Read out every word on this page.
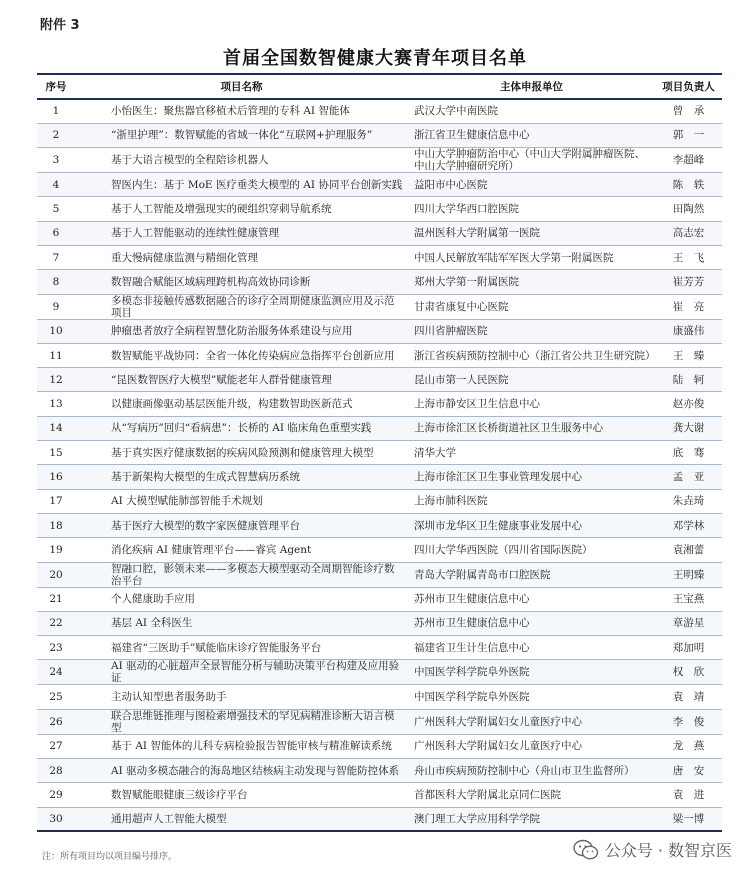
附件 3
首届全国数智健康大赛青年项目名单
序号	项目名称	主体申报单位	项目负责人
1	小怡医生：聚焦器官移植术后管理的专科 AI 智能体	武汉大学中南医院	曾　承
2	“浙里护理”：数智赋能的省域一体化“互联网+护理服务”	浙江省卫生健康信息中心	郭　一
3	基于大语言模型的全程陪诊机器人	中山大学肿瘤防治中心（中山大学附属肿瘤医院、中山大学肿瘤研究所）	李超峰
4	智医内生：基于 MoE 医疗垂类大模型的 AI 协同平台创新实践	益阳市中心医院	陈　轶
5	基于人工智能及增强现实的硬组织穿刺导航系统	四川大学华西口腔医院	田陶然
6	基于人工智能驱动的连续性健康管理	温州医科大学附属第一医院	高志宏
7	重大慢病健康监测与精细化管理	中国人民解放军陆军军医大学第一附属医院	王　飞
8	数智融合赋能区域病理跨机构高效协同诊断	郑州大学第一附属医院	崔芳芳
9	多模态非接触传感数据融合的诊疗全周期健康监测应用及示范项目	甘肃省康复中心医院	崔　亮
10	肿瘤患者放疗全病程智慧化防治服务体系建设与应用	四川省肿瘤医院	康盛伟
11	数智赋能平战协同：全省一体化传染病应急指挥平台创新应用	浙江省疾病预防控制中心（浙江省公共卫生研究院）	王　臻
12	“昆医数智医疗大模型”赋能老年人群骨健康管理	昆山市第一人民医院	陆　轲
13	以健康画像驱动基层医能升级，构建数智助医新范式	上海市静安区卫生信息中心	赵亦俊
14	从“写病历”回归“看病患”：长桥的 AI 临床角色重塑实践	上海市徐汇区长桥街道社区卫生服务中心	龚大谢
15	基于真实医疗健康数据的疾病风险预测和健康管理大模型	清华大学	底　骞
16	基于新架构大模型的生成式智慧病历系统	上海市徐汇区卫生事业管理发展中心	孟　亚
17	AI 大模型赋能肺部智能手术规划	上海市肺科医院	朱垚琦
18	基于医疗大模型的数字家医健康管理平台	深圳市龙华区卫生健康事业发展中心	邓学林
19	消化疾病 AI 健康管理平台——睿宾 Agent	四川大学华西医院（四川省国际医院）	袁湘蕾
20	智融口腔，影领未来——多模态大模型驱动全周期智能诊疗数治平台	青岛大学附属青岛市口腔医院	王明臻
21	个人健康助手应用	苏州市卫生健康信息中心	王宝燕
22	基层 AI 全科医生	苏州市卫生健康信息中心	章游星
23	福建省“三医助手”赋能临床诊疗智能服务平台	福建省卫生计生信息中心	郑加明
24	AI 驱动的心脏超声全景智能分析与辅助决策平台构建及应用验证	中国医学科学院阜外医院	权　欣
25	主动认知型患者服务助手	中国医学科学院阜外医院	袁　靖
26	联合思维链推理与图检索增强技术的罕见病精准诊断大语言模型	广州医科大学附属妇女儿童医疗中心	李　俊
27	基于 AI 智能体的儿科专病检验报告智能审核与精准解读系统	广州医科大学附属妇女儿童医疗中心	龙　燕
28	AI 驱动多模态融合的海岛地区结核病主动发现与智能防控体系	舟山市疾病预防控制中心（舟山市卫生监督所）	唐　安
29	数智赋能眼健康三级诊疗平台	首都医科大学附属北京同仁医院	袁　进
30	通用超声人工智能大模型	澳门理工大学应用科学学院	梁一博
注：所有项目均以项目编号排序。	公众号 · 数智京医
